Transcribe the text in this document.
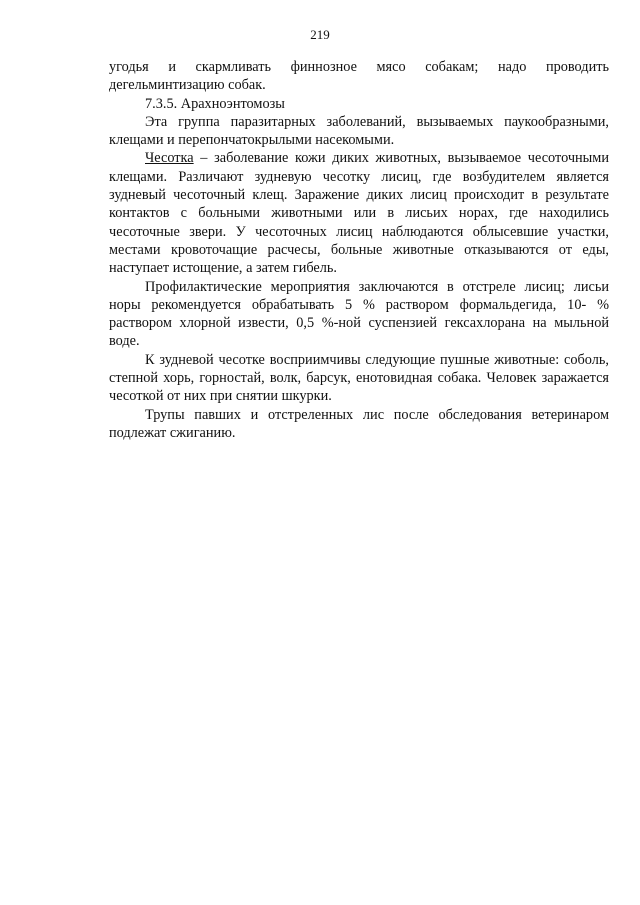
219

угодья и скармливать финнозное мясо собакам; надо проводить дегельминтизацию собак.

7.3.5. Арахноэнтомозы

Эта группа паразитарных заболеваний, вызываемых паукообразными, клещами и перепончатокрылыми насекомыми.

Чесотка – заболевание кожи диких животных, вызываемое чесоточными клещами. Различают зудневую чесотку лисиц, где возбудителем является зудневый чесоточный клещ. Заражение диких лисиц происходит в результате контактов с больными животными или в лисьих норах, где находились чесоточные звери. У чесоточных лисиц наблюдаются облысевшие участки, местами кровоточащие расчесы, больные животные отказываются от еды, наступает истощение, а затем гибель.

Профилактические мероприятия заключаются в отстреле лисиц; лисьи норы рекомендуется обрабатывать 5 % раствором формальдегида, 10- % раствором хлорной извести, 0,5 %-ной суспензией гексахлорана на мыльной воде.

К зудневой чесотке восприимчивы следующие пушные животные: соболь, степной хорь, горностай, волк, барсук, енотовидная собака. Человек заражается чесоткой от них при снятии шкурки.

Трупы павших и отстреленных лис после обследования ветеринаром подлежат сжиганию.
